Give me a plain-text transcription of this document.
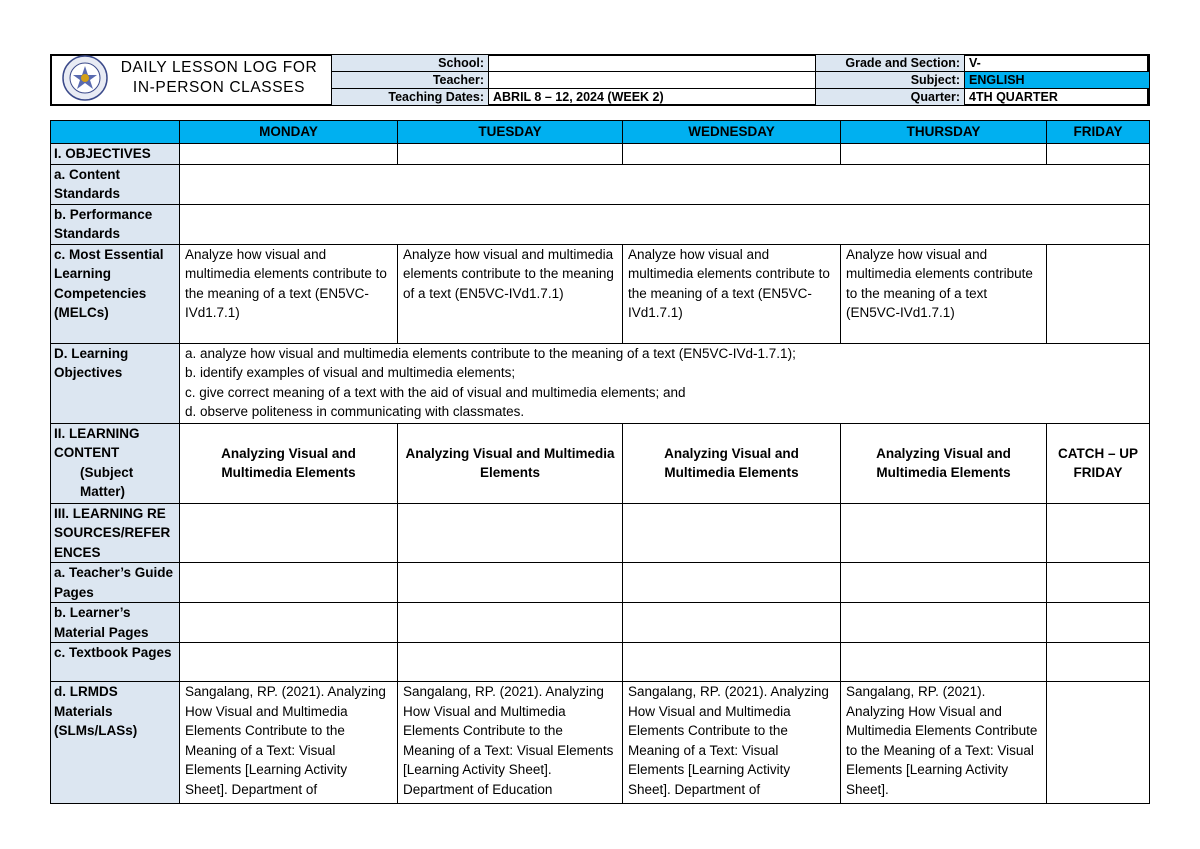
DAILY LESSON LOG FOR
IN-PERSON CLASSES
School:		Grade and Section:	V-
Teacher:		Subject:	ENGLISH
Teaching Dates:	ABRIL 8 – 12, 2024 (WEEK 2)	Quarter:	4TH QUARTER
	MONDAY	TUESDAY	WEDNESDAY	THURSDAY	FRIDAY
I. OBJECTIVES					
a. Content Standards					
b. Performance Standards					
c. Most Essential Learning Competencies (MELCs)	Analyze how visual and multimedia elements contribute to the meaning of a text (EN5VC-IVd1.7.1)	Analyze how visual and multimedia elements contribute to the meaning of a text (EN5VC-IVd1.7.1)	Analyze how visual and multimedia elements contribute to the meaning of a text (EN5VC-IVd1.7.1)	Analyze how visual and multimedia elements contribute to the meaning of a text (EN5VC-IVd1.7.1)	
D. Learning Objectives	a. analyze how visual and multimedia elements contribute to the meaning of a text (EN5VC-IVd-1.7.1);
b. identify examples of visual and multimedia elements;
c. give correct meaning of a text with the aid of visual and multimedia elements; and
d. observe politeness in communicating with classmates.				

II. LEARNING CONTENT
(Subject Matter)	Analyzing Visual and Multimedia Elements	Analyzing Visual and Multimedia Elements	Analyzing Visual and Multimedia Elements	Analyzing Visual and Multimedia Elements	CATCH – UP FRIDAY
III. LEARNING RESOURCES/REFERENCES					
a. Teacher’s Guide Pages					
b. Learner’s Material Pages					
c. Textbook Pages					
d. LRMDS Materials (SLMs/LASs)	Sangalang, RP. (2021). Analyzing How Visual and Multimedia Elements Contribute to the Meaning of a Text: Visual Elements [Learning Activity Sheet]. Department of	Sangalang, RP. (2021). Analyzing How Visual and Multimedia Elements Contribute to the Meaning of a Text: Visual Elements [Learning Activity Sheet]. Department of Education	Sangalang, RP. (2021). Analyzing How Visual and Multimedia Elements Contribute to the Meaning of a Text: Visual Elements [Learning Activity Sheet]. Department of	Sangalang, RP. (2021). Analyzing How Visual and Multimedia Elements Contribute to the Meaning of a Text: Visual Elements [Learning Activity Sheet].	
